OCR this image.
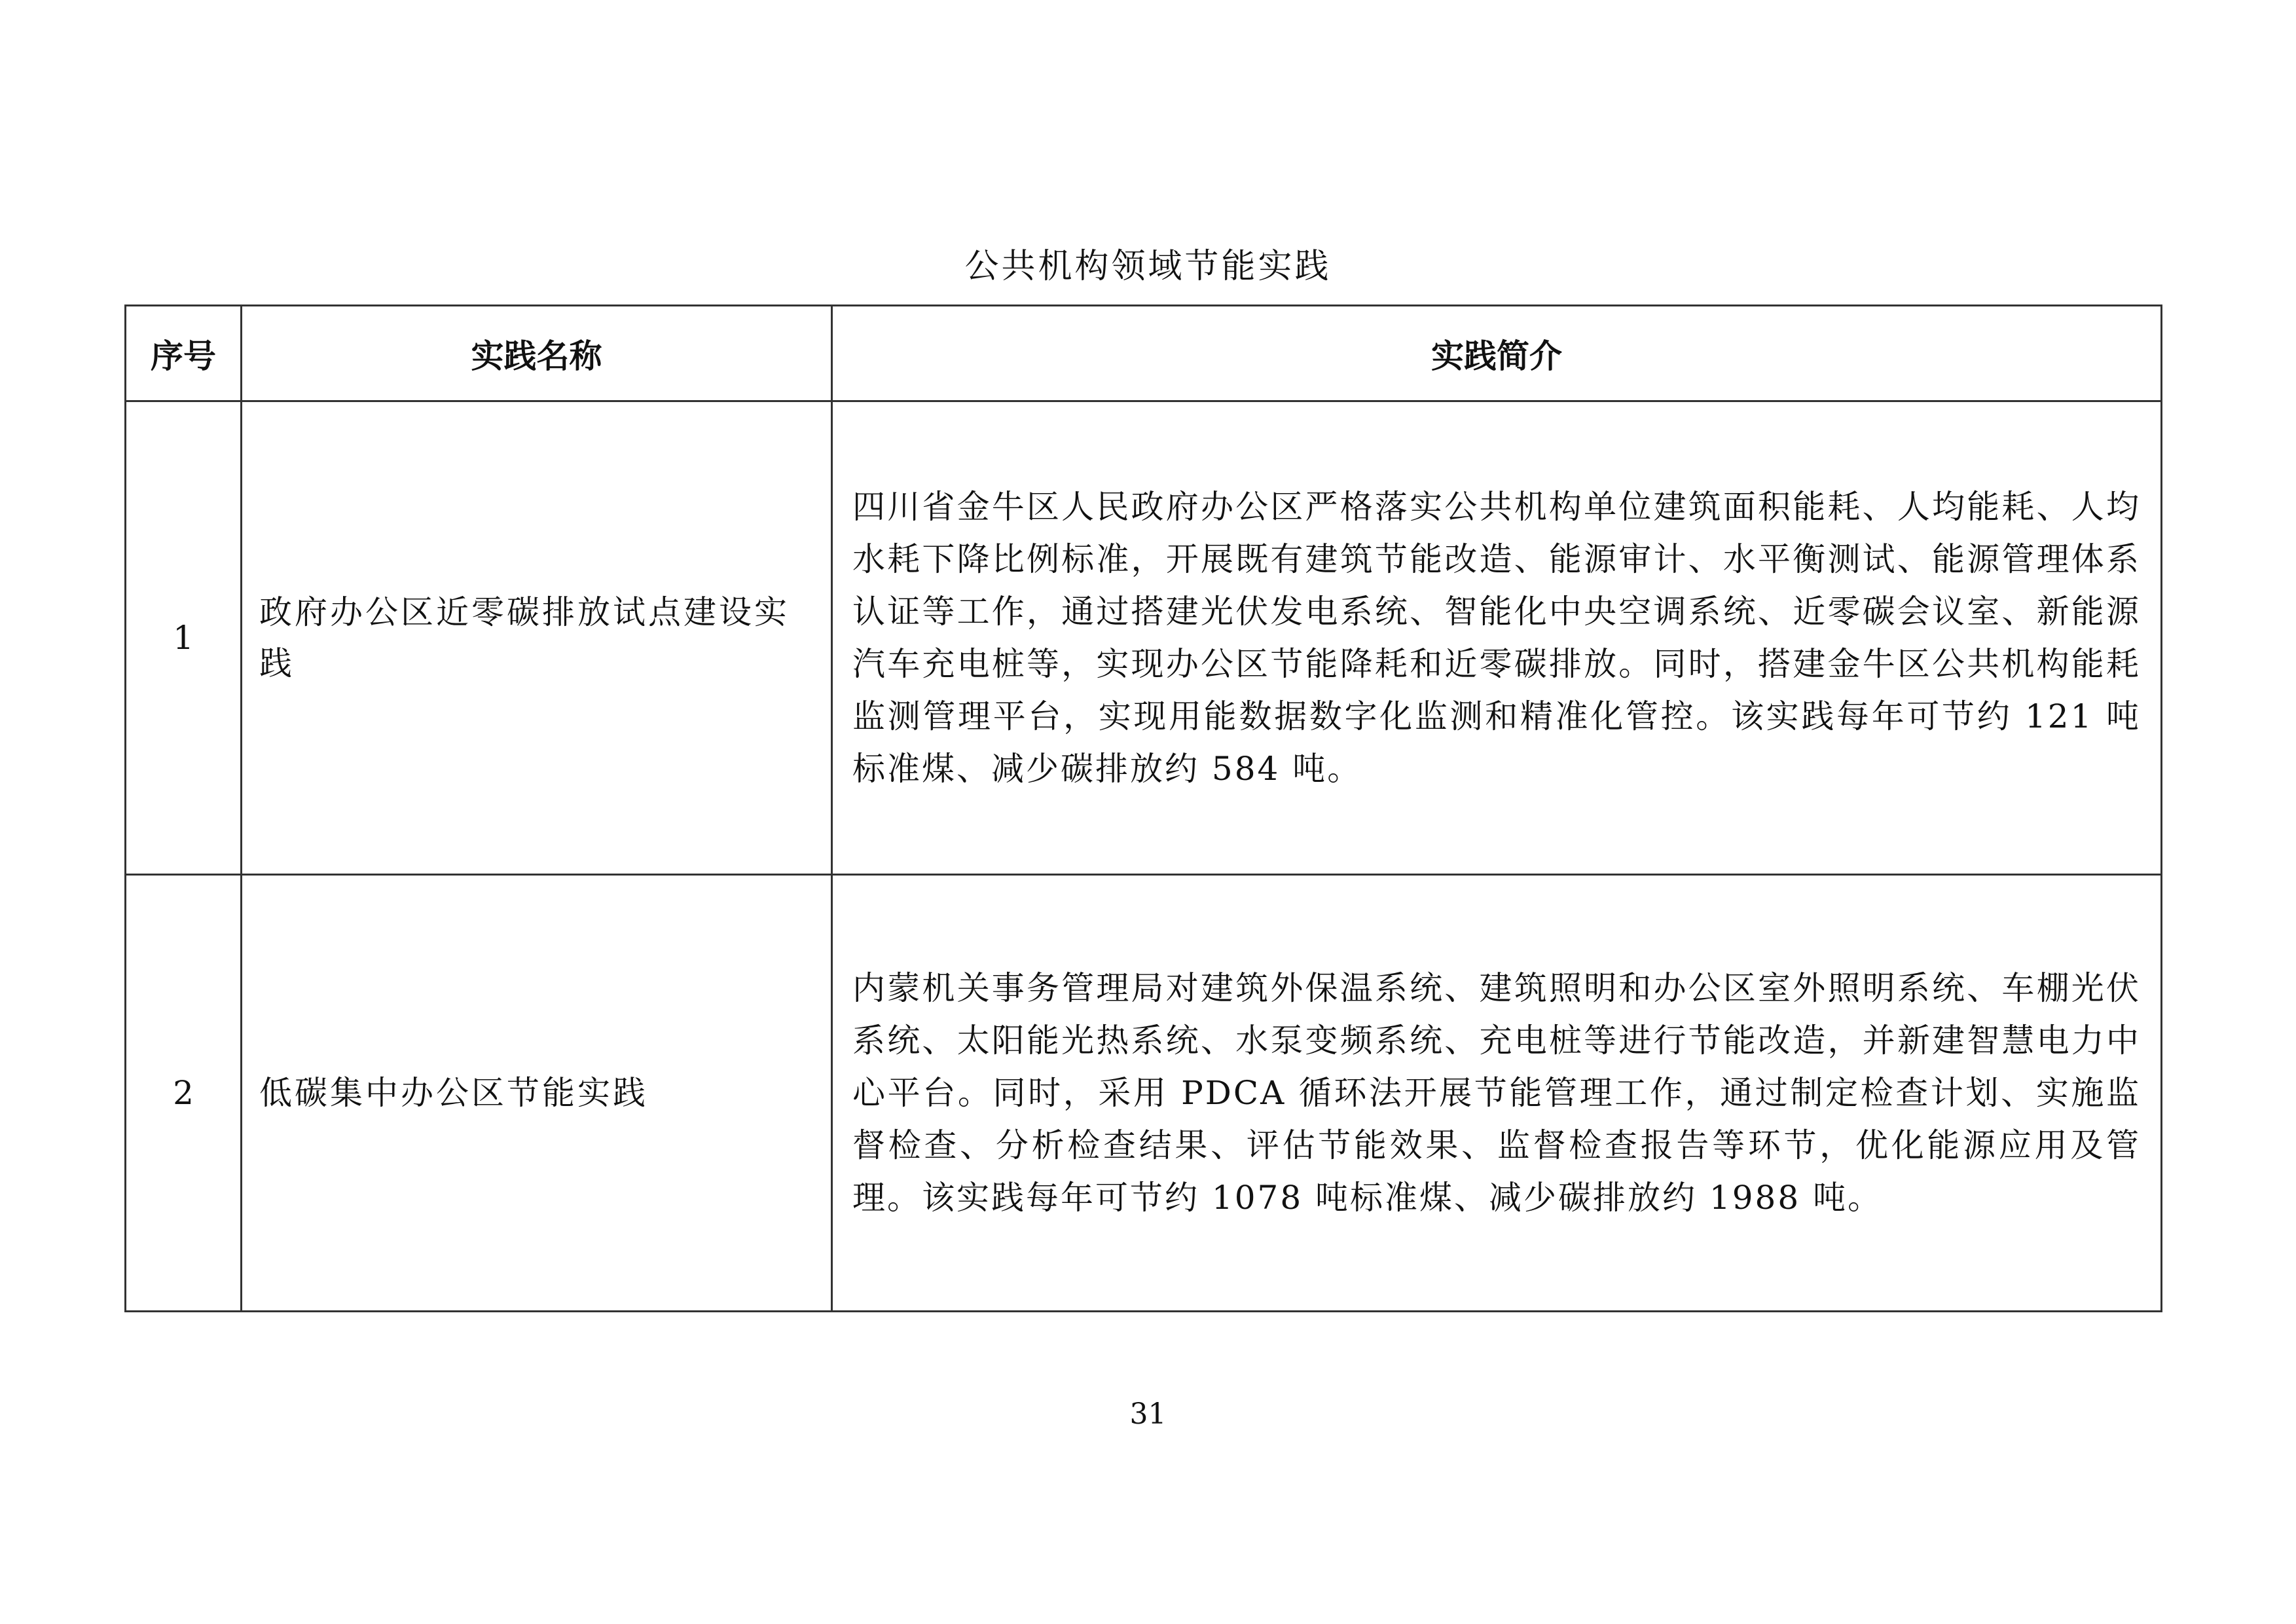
公共机构领域节能实践
序号	实践名称	实践简介
1	政府办公区近零碳排放试点建设实践	四川省金牛区人民政府办公区严格落实公共机构单位建筑面积能耗、人均能耗、人均水耗下降比例标准，开展既有建筑节能改造、能源审计、水平衡测试、能源管理体系认证等工作，通过搭建光伏发电系统、智能化中央空调系统、近零碳会议室、新能源汽车充电桩等，实现办公区节能降耗和近零碳排放。同时，搭建金牛区公共机构能耗监测管理平台，实现用能数据数字化监测和精准化管控。该实践每年可节约 121 吨标准煤、减少碳排放约 584 吨。
2	低碳集中办公区节能实践	内蒙机关事务管理局对建筑外保温系统、建筑照明和办公区室外照明系统、车棚光伏系统、太阳能光热系统、水泵变频系统、充电桩等进行节能改造，并新建智慧电力中心平台。同时，采用 PDCA 循环法开展节能管理工作，通过制定检查计划、实施监督检查、分析检查结果、评估节能效果、监督检查报告等环节，优化能源应用及管理。该实践每年可节约 1078 吨标准煤、减少碳排放约 1988 吨。
31
